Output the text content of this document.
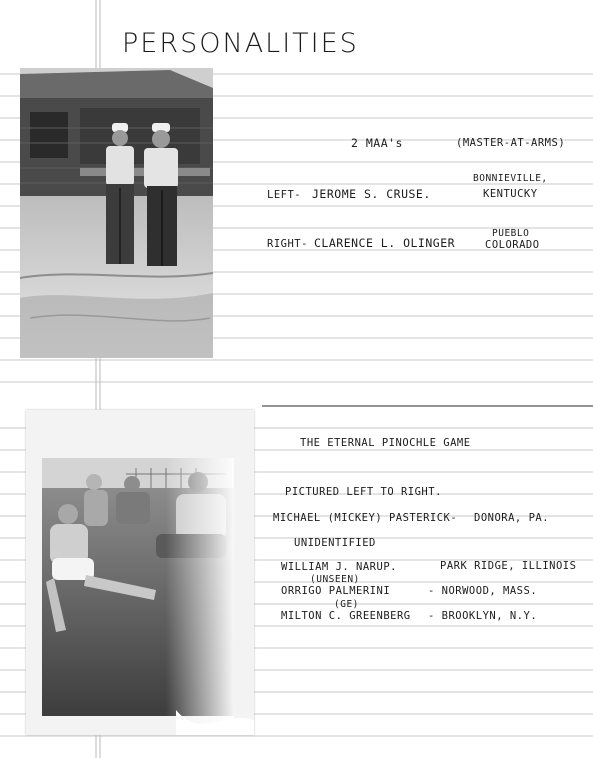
PERSONALITIES
2 MAA's	(MASTER-AT-ARMS)
LEFT- JEROME S. CRUSE.
BONNIEVILLE,
KENTUCKY
RIGHT- CLARENCE L. OLINGER
PUEBLO
COLORADO
THE ETERNAL PINOCHLE GAME
PICTURED LEFT TO RIGHT.
MICHAEL (MICKEY) PASTERICK- DONORA, PA.
UNIDENTIFIED
WILLIAM J. NARUP.	PARK RIDGE, ILLINOIS
(UNSEEN)
ORRIGO PALMERINI	- NORWOOD, MASS.
(GE)
MILTON C. GREENBERG - BROOKLYN, N.Y.
